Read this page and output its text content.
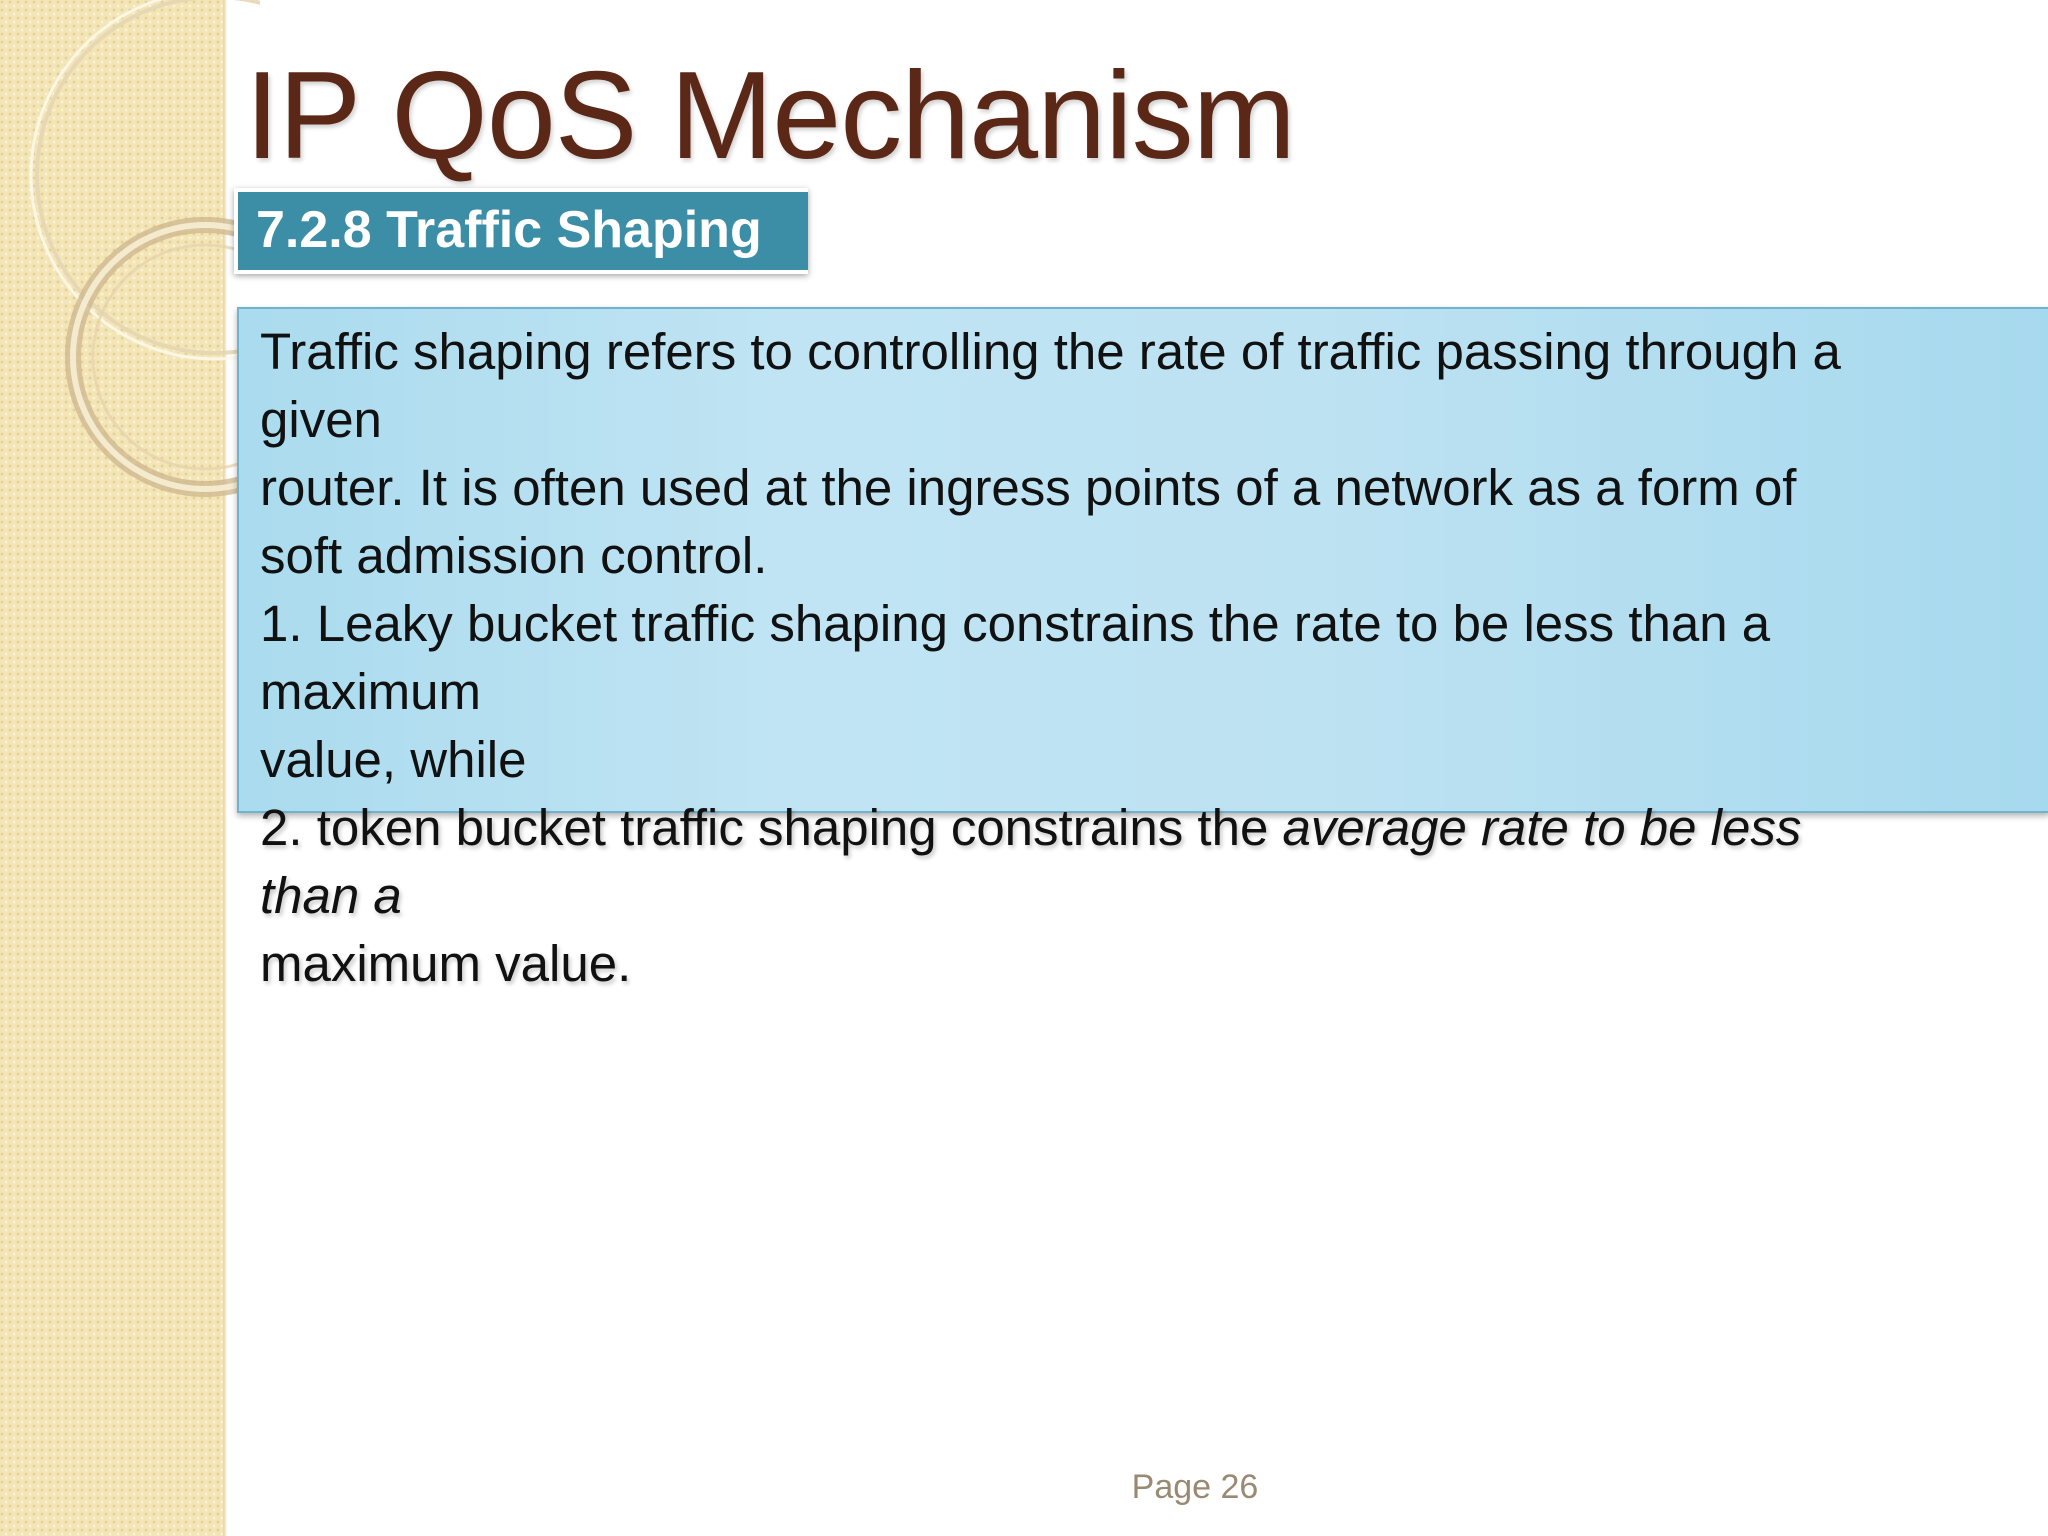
IP QoS Mechanism
7.2.8 Traffic Shaping

Traffic shaping refers to controlling the rate of traffic passing through a

given

router. It is often used at the ingress points of a network as a form of

soft admission control.

1. Leaky bucket traffic shaping constrains the rate to be less than a

maximum

value, while

2. token bucket traffic shaping constrains the average rate to be less

than a

maximum value.

Page 26
